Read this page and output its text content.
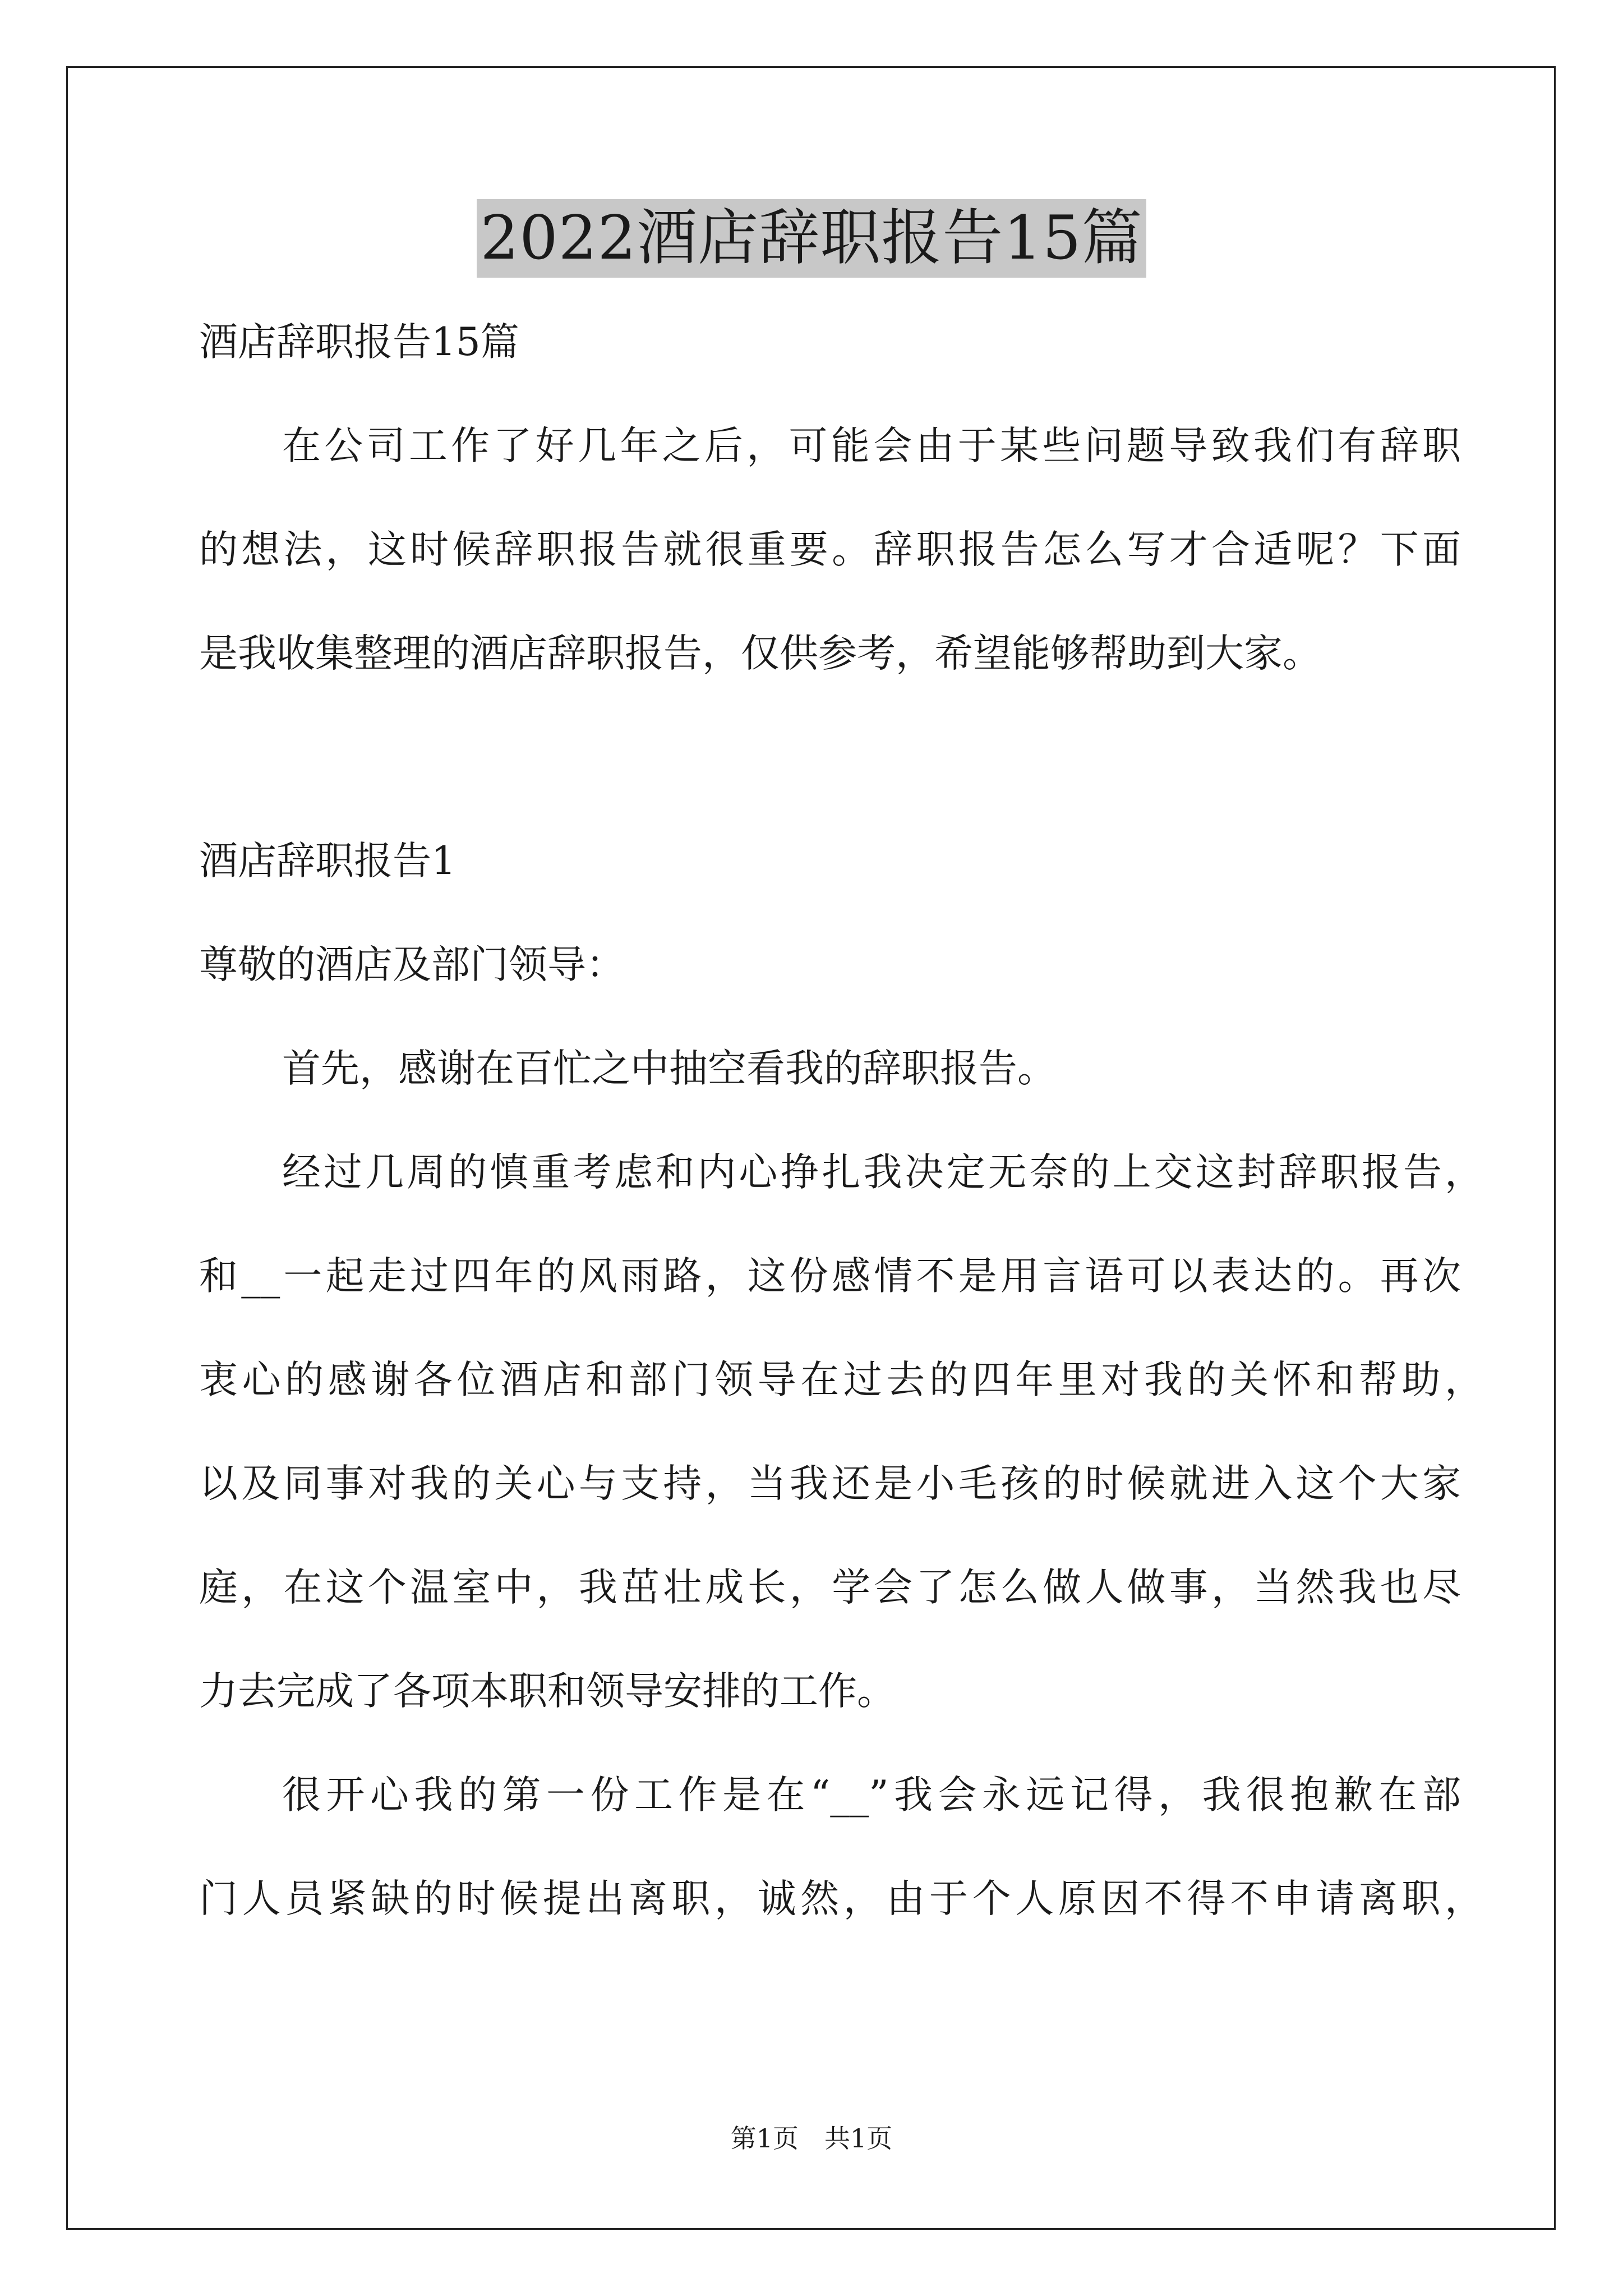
2022酒店辞职报告15篇
酒店辞职报告15篇
在公司工作了好几年之后，可能会由于某些问题导致我们有辞职
的想法，这时候辞职报告就很重要。辞职报告怎么写才合适呢？下面
是我收集整理的酒店辞职报告，仅供参考，希望能够帮助到大家。
酒店辞职报告1
尊敬的酒店及部门领导：
首先，感谢在百忙之中抽空看我的辞职报告。
经过几周的慎重考虑和内心挣扎我决定无奈的上交这封辞职报告，
和__一起走过四年的风雨路，这份感情不是用言语可以表达的。再次
衷心的感谢各位酒店和部门领导在过去的四年里对我的关怀和帮助，
以及同事对我的关心与支持，当我还是小毛孩的时候就进入这个大家
庭，在这个温室中，我茁壮成长，学会了怎么做人做事，当然我也尽
力去完成了各项本职和领导安排的工作。
很开心我的第一份工作是在“__”我会永远记得，我很抱歉在部
门人员紧缺的时候提出离职，诚然，由于个人原因不得不申请离职，
第1页 共1页
